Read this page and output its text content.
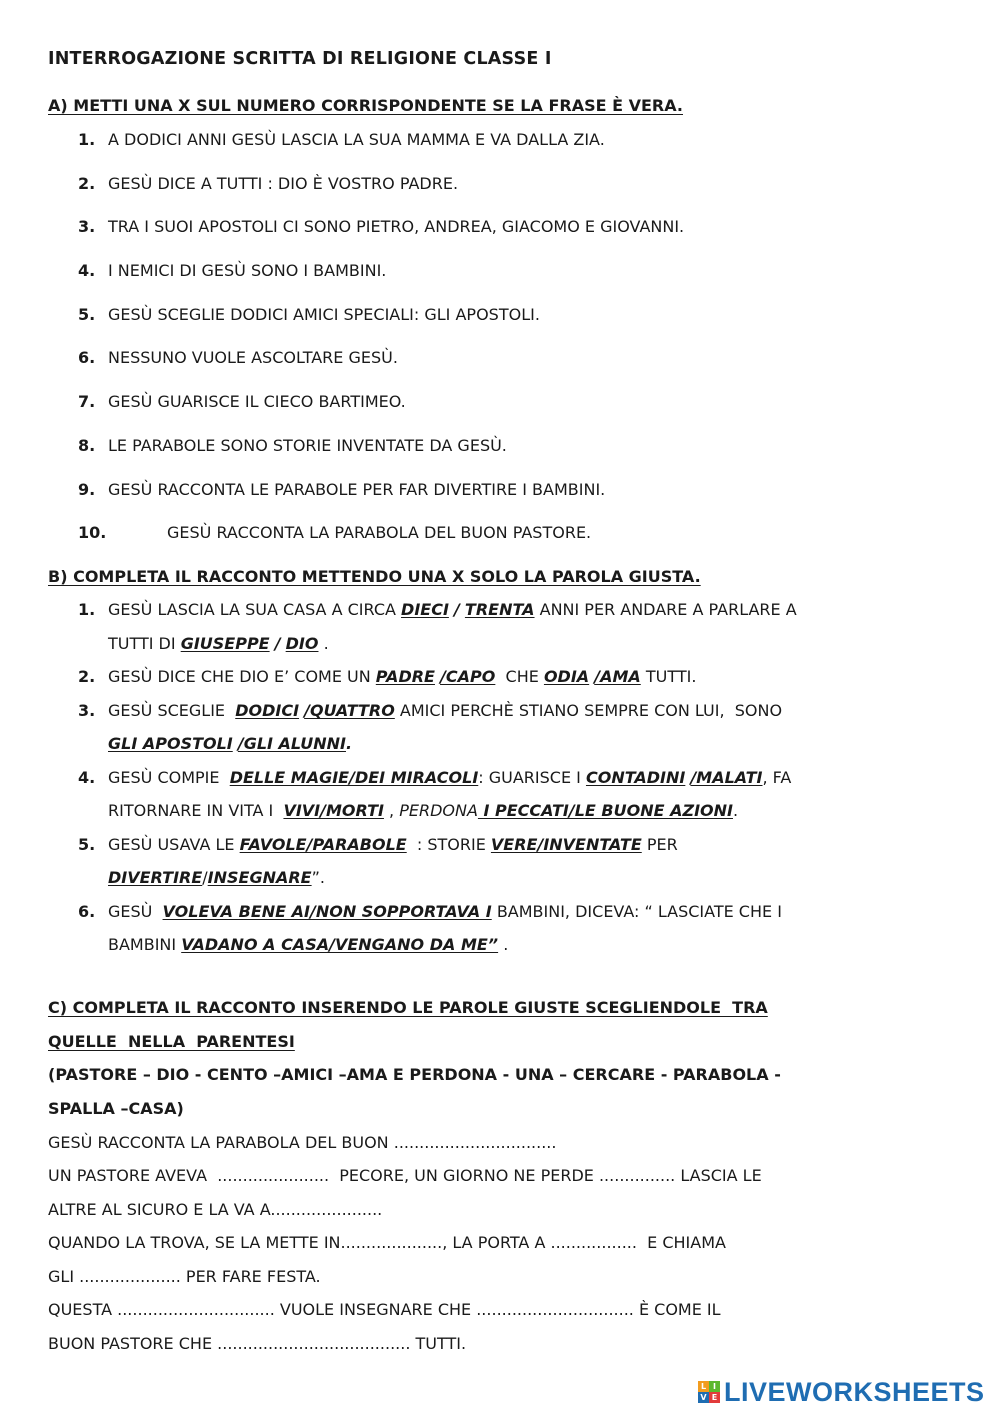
INTERROGAZIONE SCRITTA DI RELIGIONE CLASSE I
A) METTI UNA X SUL NUMERO CORRISPONDENTE SE LA FRASE È VERA.
1. A DODICI ANNI GESÙ LASCIA LA SUA MAMMA E VA DALLA ZIA.
2. GESÙ DICE A TUTTI : DIO È VOSTRO PADRE.
3. TRA I SUOI APOSTOLI CI SONO PIETRO, ANDREA, GIACOMO E GIOVANNI.
4. I NEMICI DI GESÙ SONO I BAMBINI.
5. GESÙ SCEGLIE DODICI AMICI SPECIALI: GLI APOSTOLI.
6. NESSUNO VUOLE ASCOLTARE GESÙ.
7. GESÙ GUARISCE IL CIECO BARTIMEO.
8. LE PARABOLE SONO STORIE INVENTATE DA GESÙ.
9. GESÙ RACCONTA LE PARABOLE PER FAR DIVERTIRE I BAMBINI.
10.	GESÙ RACCONTA LA PARABOLA DEL BUON PASTORE.
B) COMPLETA IL RACCONTO METTENDO UNA X SOLO LA PAROLA GIUSTA.
1.
2.
3.
4.
5.
6.
GESÙ LASCIA LA SUA CASA A CIRCA DIECI / TRENTA ANNI PER ANDARE A PARLARE A
TUTTI DI GIUSEPPE / DIO .
GESÙ DICE CHE DIO E’ COME UN PADRE /CAPO  CHE ODIA /AMA TUTTI.
GESÙ SCEGLIE  DODICI /QUATTRO AMICI PERCHÈ STIANO SEMPRE CON LUI,  SONO
GLI APOSTOLI /GLI ALUNNI.
GESÙ COMPIE  DELLE MAGIE/DEI MIRACOLI: GUARISCE I CONTADINI /MALATI, FA
RITORNARE IN VITA I  VIVI/MORTI , PERDONA I PECCATI/LE BUONE AZIONI.
GESÙ USAVA LE FAVOLE/PARABOLE  : STORIE VERE/INVENTATE PER
DIVERTIRE/INSEGNARE”.
GESÙ  VOLEVA BENE AI/NON SOPPORTAVA I BAMBINI, DICEVA: “ LASCIATE CHE I
BAMBINI VADANO A CASA/VENGANO DA ME” .
C) COMPLETA IL RACCONTO INSERENDO LE PAROLE GIUSTE SCEGLIENDOLE  TRA
QUELLE  NELLA  PARENTESI
(PASTORE – DIO - CENTO –AMICI –AMA E PERDONA - UNA – CERCARE - PARABOLA -
SPALLA –CASA)
GESÙ RACCONTA LA PARABOLA DEL BUON ................................
UN PASTORE AVEVA  ......................  PECORE, UN GIORNO NE PERDE ............... LASCIA LE
ALTRE AL SICURO E LA VA A......................
QUANDO LA TROVA, SE LA METTE IN...................., LA PORTA A .................  E CHIAMA
GLI .................... PER FARE FESTA.
QUESTA ............................... VUOLE INSEGNARE CHE ............................... È COME IL
BUON PASTORE CHE ...................................... TUTTI.
L I
V E LIVEWORKSHEETS
